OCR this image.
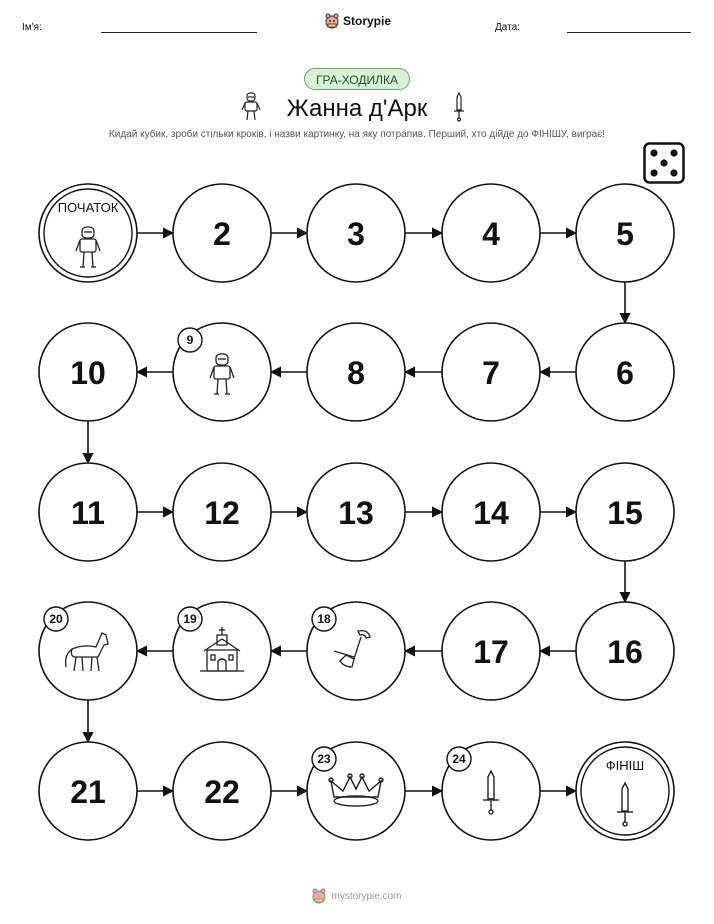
Ім'я:	Storypie	Дата:
ГРА-ХОДИЛКА
Жанна д'Арк
Кидай кубик, зроби стільки кроків, і назви картинку, на яку потрапив. Перший, хто дійде до ФІНІШУ, виграє!
ПОЧАТОК
2	3	4	5
6
7
8
9
10
11	12	13	14	15
16
17
18
19
20
21	22
23	24	ФІНІШ
mystorypie.com
